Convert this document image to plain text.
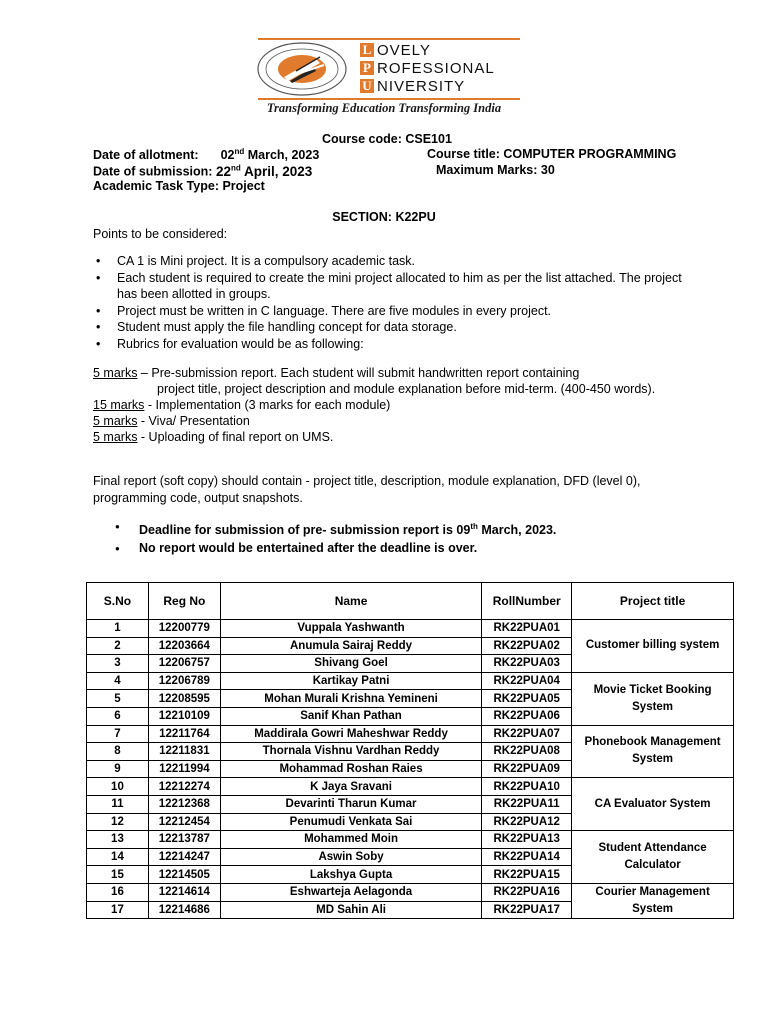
L OVELY
P ROFESSIONAL
U NIVERSITY
Transforming Education Transforming India
Course code: CSE101
Date of allotment: 02nd March, 2023	Course title: COMPUTER PROGRAMMING
Date of submission: 22nd April, 2023	Maximum Marks: 30
Academic Task Type: Project
SECTION: K22PU
Points to be considered:
• CA 1 is Mini project. It is a compulsory academic task.
• Each student is required to create the mini project allocated to him as per the list attached. The project has been allotted in groups.
• Project must be written in C language. There are five modules in every project.
• Student must apply the file handling concept for data storage.
• Rubrics for evaluation would be as following:
5 marks – Pre-submission report. Each student will submit handwritten report containing
project title, project description and module explanation before mid-term. (400-450 words).
15 marks - Implementation (3 marks for each module)
5 marks - Viva/ Presentation
5 marks - Uploading of final report on UMS.
Final report (soft copy) should contain - project title, description, module explanation, DFD (level 0), programming code, output snapshots.
● Deadline for submission of pre- submission report is 09th March, 2023.
● No report would be entertained after the deadline is over.
S.No	Reg No	Name	RollNumber	Project title
1	12200779	Vuppala Yashwanth	RK22PUA01	Customer billing system
2	12203664	Anumula Sairaj Reddy	RK22PUA02	
3	12206757	Shivang Goel	RK22PUA03	
4	12206789	Kartikay Patni	RK22PUA04	Movie Ticket Booking System
5	12208595	Mohan Murali Krishna Yemineni	RK22PUA05	
6	12210109	Sanif Khan Pathan	RK22PUA06	
7	12211764	Maddirala Gowri Maheshwar Reddy	RK22PUA07	Phonebook Management System
8	12211831	Thornala Vishnu Vardhan Reddy	RK22PUA08	
9	12211994	Mohammad Roshan Raies	RK22PUA09	
10	12212274	K Jaya Sravani	RK22PUA10	CA Evaluator System
11	12212368	Devarinti Tharun Kumar	RK22PUA11	
12	12212454	Penumudi Venkata Sai	RK22PUA12	
13	12213787	Mohammed Moin	RK22PUA13	Student Attendance Calculator
14	12214247	Aswin Soby	RK22PUA14	
15	12214505	Lakshya Gupta	RK22PUA15	
16	12214614	Eshwarteja Aelagonda	RK22PUA16	Courier Management System
17	12214686	MD Sahin Ali	RK22PUA17	
